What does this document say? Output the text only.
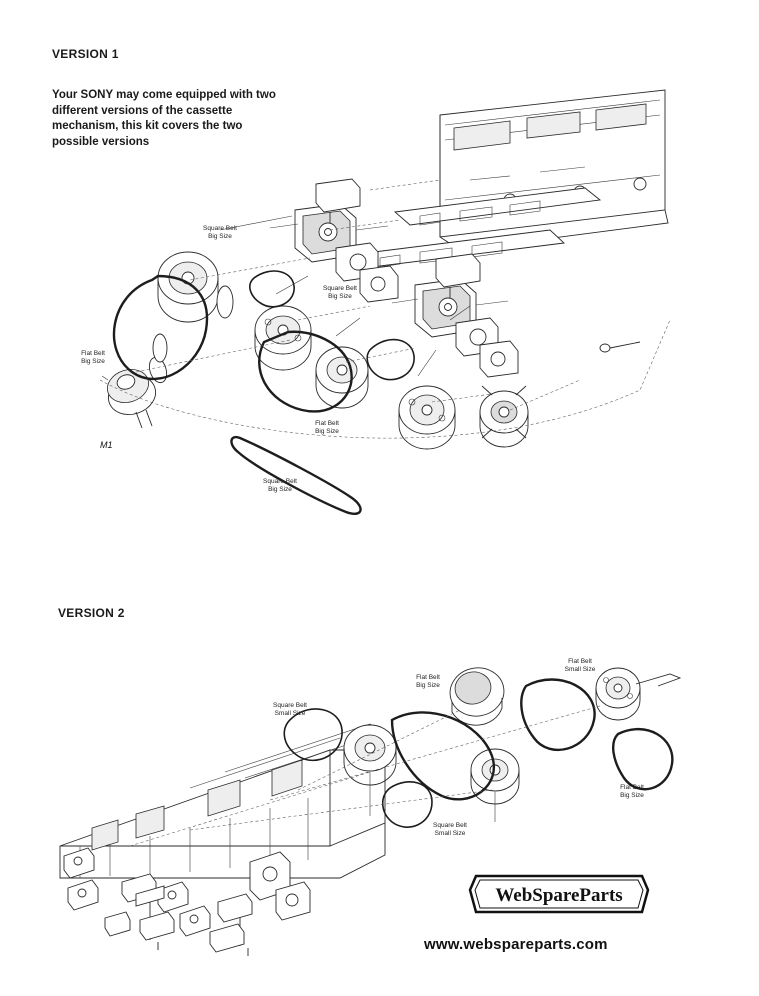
VERSION 1
Your SONY may come equipped with two different versions of the cassette mechanism, this kit covers the two possible versions
Square Belt
Big Size
Flat Belt
Big Size
Square Belt
Big Size
Flat Belt
Big Size
Square Belt
Big Size
M1
VERSION 2
Square Belt
Small Size
Flat Belt
Big Size
Flat Belt
Small Size
Flat Belt
Big Size
Square Belt
Small Size
WebSpareParts
www.webspareparts.com
